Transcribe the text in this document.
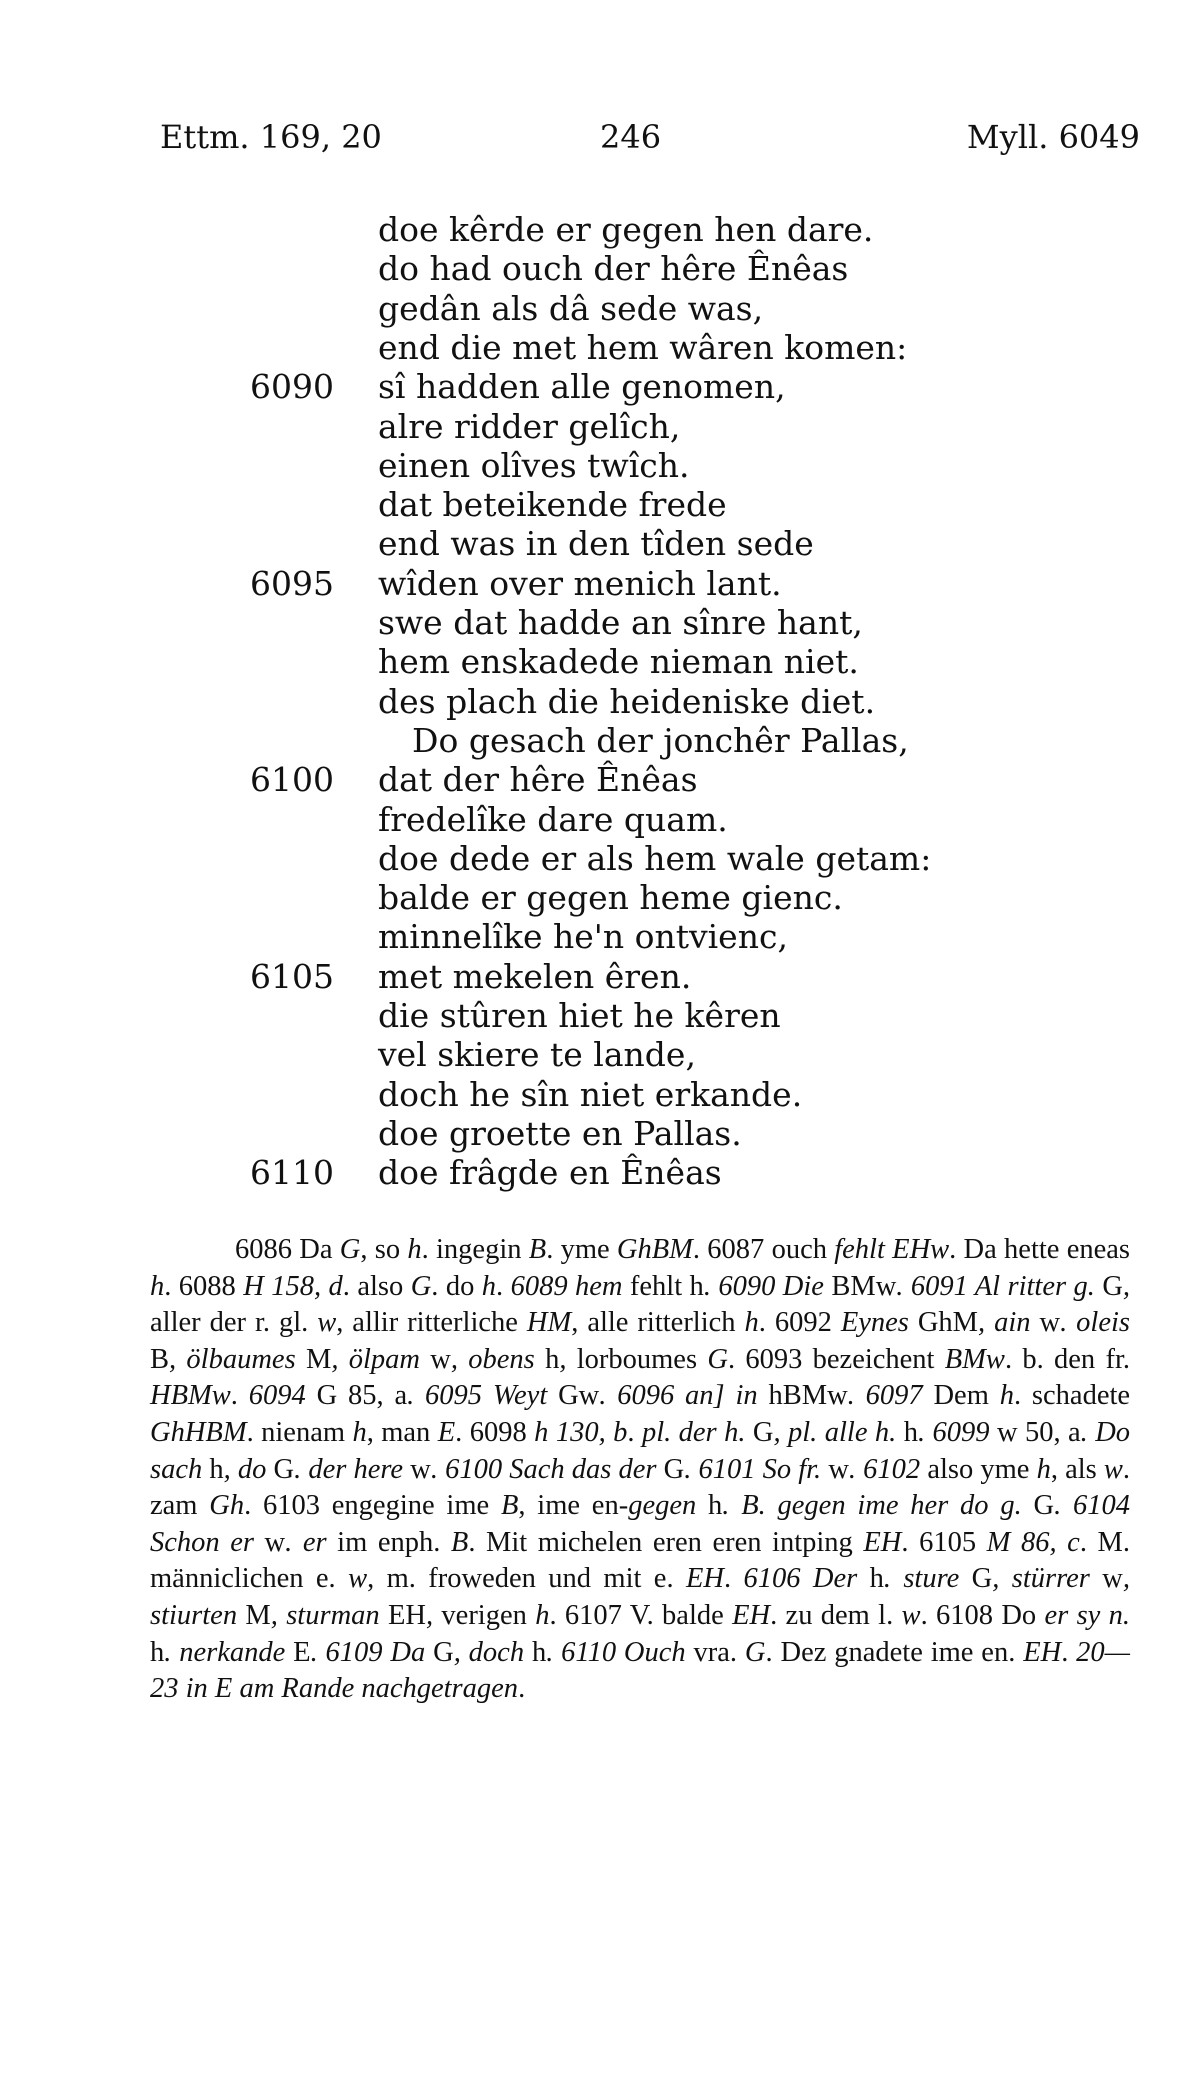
Ettm. 169, 20	246	Myll. 6049
doe kêrde er gegen hen dare.
do had ouch der hêre Ênêas
gedân als dâ sede was,
end die met hem wâren komen:
6090 sî hadden alle genomen,
alre ridder gelîch,
einen olîves twîch.
dat beteikende frede
end was in den tîden sede
6095 wîden over menich lant.
swe dat hadde an sînre hant,
hem enskadede nieman niet.
des plach die heideniske diet.
Do gesach der jonchêr Pallas,
6100 dat der hêre Ênêas
fredelîke dare quam.
doe dede er als hem wale getam:
balde er gegen heme gienc.
minnelîke he'n ontvienc,
6105 met mekelen êren.
die stûren hiet he kêren
vel skiere te lande,
doch he sîn niet erkande.
doe groette en Pallas.
6110 doe frâgde en Ênêas

6086 Da G, so h. ingegin B. yme GhBM. 6087 ouch fehlt EHw. Da hette eneas h. 6088 H 158, d. also G. do h. 6089 hem fehlt h. 6090 Die BMw. 6091 Al ritter g. G, aller der r. gl. w, allir ritterliche HM, alle ritterlich h. 6092 Eynes GhM, ain w. oleis B, ölbaumes M, ölpam w, obens h, lorboumes G. 6093 bezeichent BMw. b. den fr. HBMw. 6094 G 85, a. 6095 Weyt Gw. 6096 an] in hBMw. 6097 Dem h. schadete GhHBM. nienam h, man E. 6098 h 130, b. pl. der h. G, pl. alle h. h. 6099 w 50, a. Do sach h, do G. der here w. 6100 Sach das der G. 6101 So fr. w. 6102 also yme h, als w. zam Gh. 6103 engegine ime B, ime en-gegen h. B. gegen ime her do g. G. 6104 Schon er w. er im enph. B. Mit michelen eren eren intping EH. 6105 M 86, c. M. männiclichen e. w, m. froweden und mit e. EH. 6106 Der h. sture G, stürrer w, stiurten M, sturman EH, verigen h. 6107 V. balde EH. zu dem l. w. 6108 Do er sy n. h. nerkande E. 6109 Da G, doch h. 6110 Ouch vra. G. Dez gnadete ime en. EH. 20—23 in E am Rande nachgetragen.
